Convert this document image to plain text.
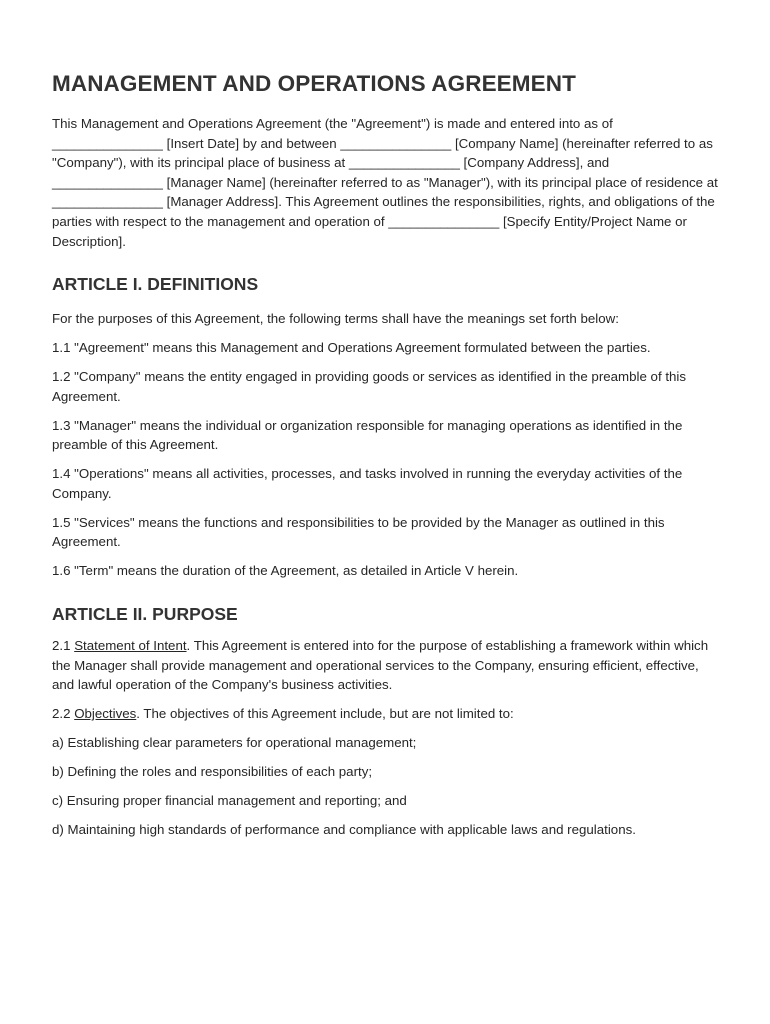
MANAGEMENT AND OPERATIONS AGREEMENT

This Management and Operations Agreement (the "Agreement") is made and entered into as of _______________ [Insert Date] by and between _______________ [Company Name] (hereinafter referred to as "Company"), with its principal place of business at _______________ [Company Address], and _______________ [Manager Name] (hereinafter referred to as "Manager"), with its principal place of residence at _______________ [Manager Address]. This Agreement outlines the responsibilities, rights, and obligations of the parties with respect to the management and operation of _______________ [Specify Entity/Project Name or Description].

ARTICLE I. DEFINITIONS

For the purposes of this Agreement, the following terms shall have the meanings set forth below:

1.1 "Agreement" means this Management and Operations Agreement formulated between the parties.

1.2 "Company" means the entity engaged in providing goods or services as identified in the preamble of this Agreement.

1.3 "Manager" means the individual or organization responsible for managing operations as identified in the preamble of this Agreement.

1.4 "Operations" means all activities, processes, and tasks involved in running the everyday activities of the Company.

1.5 "Services" means the functions and responsibilities to be provided by the Manager as outlined in this Agreement.

1.6 "Term" means the duration of the Agreement, as detailed in Article V herein.

ARTICLE II. PURPOSE

2.1 Statement of Intent. This Agreement is entered into for the purpose of establishing a framework within which the Manager shall provide management and operational services to the Company, ensuring efficient, effective, and lawful operation of the Company's business activities.

2.2 Objectives. The objectives of this Agreement include, but are not limited to:

a) Establishing clear parameters for operational management;

b) Defining the roles and responsibilities of each party;

c) Ensuring proper financial management and reporting; and

d) Maintaining high standards of performance and compliance with applicable laws and regulations.
